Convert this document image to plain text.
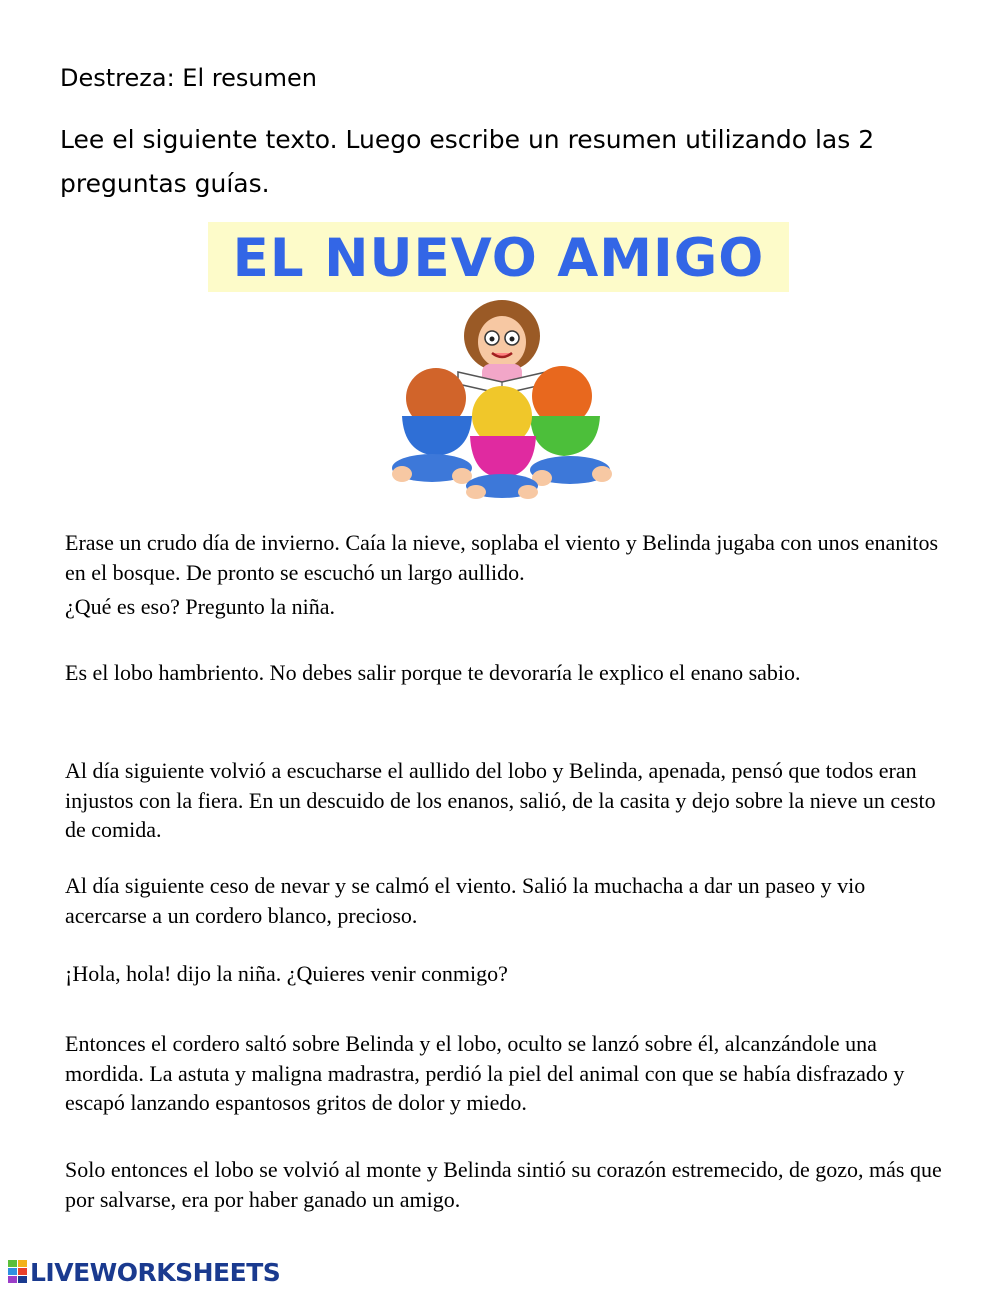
Destreza: El resumen
Lee el siguiente texto. Luego escribe un resumen utilizando las 2 preguntas guías.
EL NUEVO AMIGO

Erase un crudo día de invierno. Caía la nieve, soplaba el viento y Belinda jugaba con unos enanitos en el bosque. De pronto se escuchó un largo aullido.

¿Qué es eso? Pregunto la niña.

Es el lobo hambriento. No debes salir porque te devoraría le explico el enano sabio.

Al día siguiente volvió a escucharse el aullido del lobo y Belinda, apenada, pensó que todos eran injustos con la fiera. En un descuido de los enanos, salió, de la casita y dejo sobre la nieve un cesto de comida.

Al día siguiente ceso de nevar y se calmó el viento. Salió la muchacha a dar un paseo y vio acercarse a un cordero blanco, precioso.

¡Hola, hola! dijo la niña. ¿Quieres venir conmigo?

Entonces el cordero saltó sobre Belinda y el lobo, oculto se lanzó sobre él, alcanzándole una mordida. La astuta y maligna madrastra, perdió la piel del animal con que se había disfrazado y escapó lanzando espantosos gritos de dolor y miedo.

Solo entonces el lobo se volvió al monte y Belinda sintió su corazón estremecido, de gozo, más que por salvarse, era por haber ganado un amigo.

LIVEWORKSHEETS
